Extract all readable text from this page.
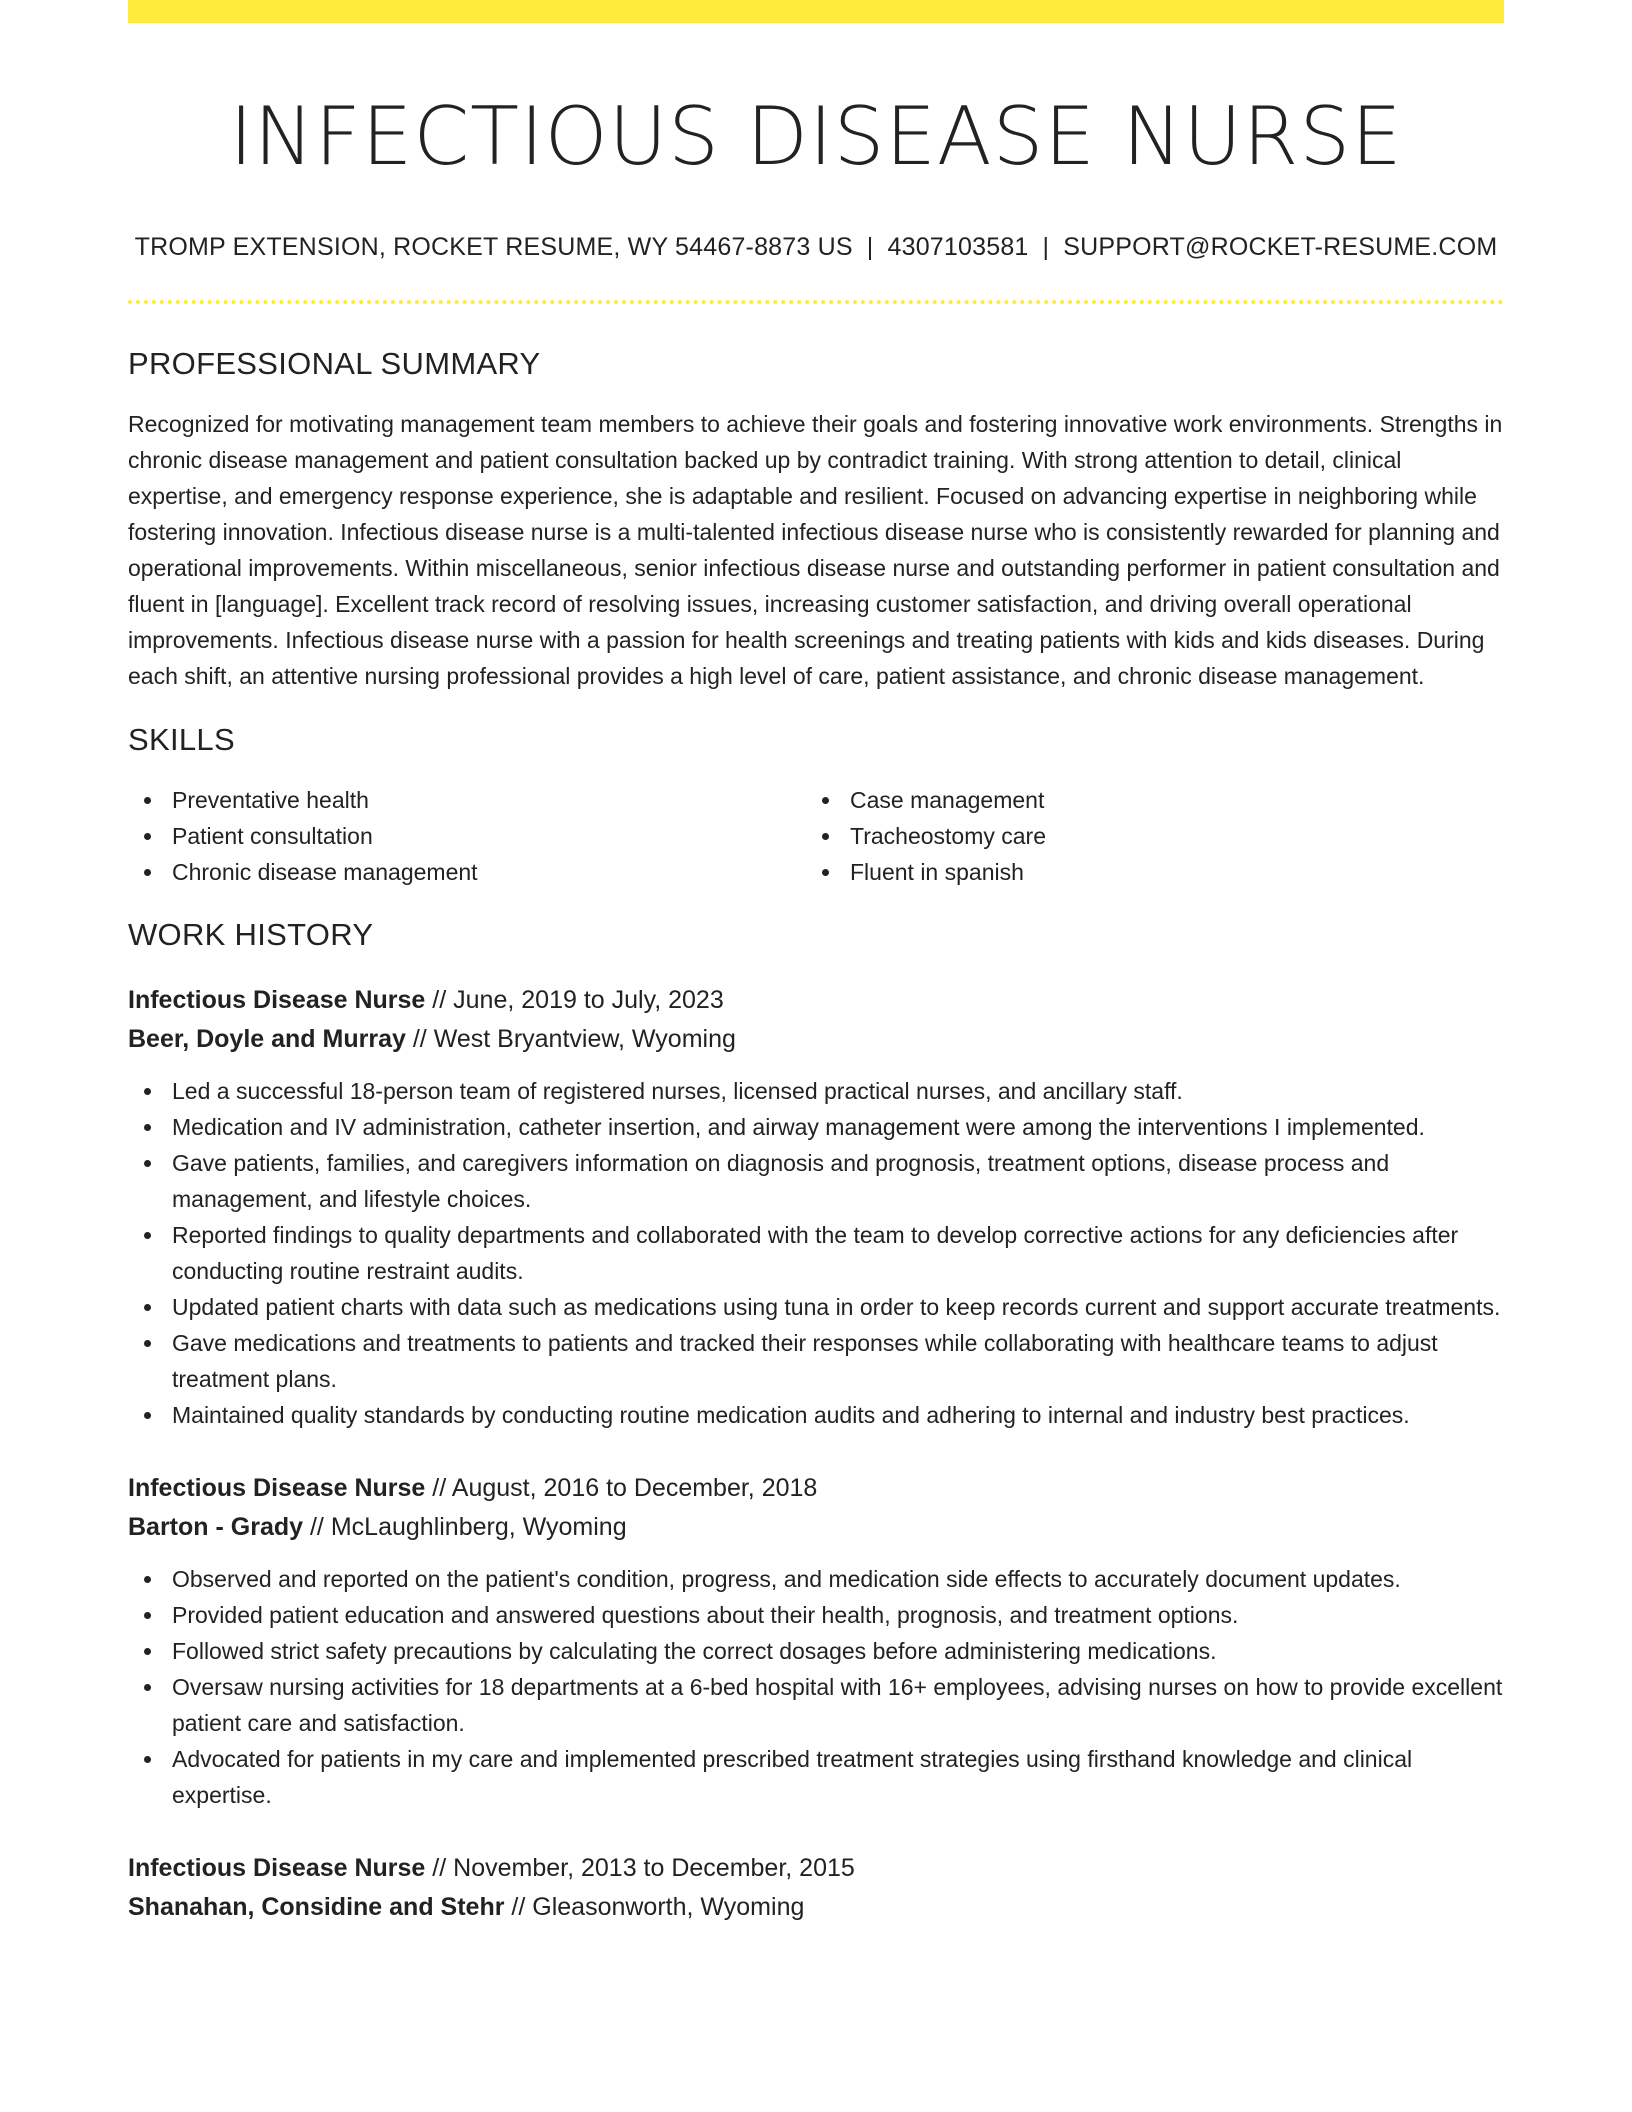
INFECTIOUS DISEASE NURSE
TROMP EXTENSION, ROCKET RESUME, WY 54467-8873 US | 4307103581 | SUPPORT@ROCKET-RESUME.COM
PROFESSIONAL SUMMARY
Recognized for motivating management team members to achieve their goals and fostering innovative work environments. Strengths in chronic disease management and patient consultation backed up by contradict training. With strong attention to detail, clinical expertise, and emergency response experience, she is adaptable and resilient. Focused on advancing expertise in neighboring while fostering innovation. Infectious disease nurse is a multi-talented infectious disease nurse who is consistently rewarded for planning and operational improvements. Within miscellaneous, senior infectious disease nurse and outstanding performer in patient consultation and fluent in [language]. Excellent track record of resolving issues, increasing customer satisfaction, and driving overall operational improvements. Infectious disease nurse with a passion for health screenings and treating patients with kids and kids diseases. During each shift, an attentive nursing professional provides a high level of care, patient assistance, and chronic disease management.
SKILLS
Preventative health
Patient consultation
Chronic disease management
Case management
Tracheostomy care
Fluent in spanish
WORK HISTORY
Infectious Disease Nurse // June, 2019 to July, 2023
Beer, Doyle and Murray // West Bryantview, Wyoming
Led a successful 18-person team of registered nurses, licensed practical nurses, and ancillary staff.
Medication and IV administration, catheter insertion, and airway management were among the interventions I implemented.
Gave patients, families, and caregivers information on diagnosis and prognosis, treatment options, disease process and management, and lifestyle choices.
Reported findings to quality departments and collaborated with the team to develop corrective actions for any deficiencies after conducting routine restraint audits.
Updated patient charts with data such as medications using tuna in order to keep records current and support accurate treatments.
Gave medications and treatments to patients and tracked their responses while collaborating with healthcare teams to adjust treatment plans.
Maintained quality standards by conducting routine medication audits and adhering to internal and industry best practices.
Infectious Disease Nurse // August, 2016 to December, 2018
Barton - Grady // McLaughlinberg, Wyoming
Observed and reported on the patient's condition, progress, and medication side effects to accurately document updates.
Provided patient education and answered questions about their health, prognosis, and treatment options.
Followed strict safety precautions by calculating the correct dosages before administering medications.
Oversaw nursing activities for 18 departments at a 6-bed hospital with 16+ employees, advising nurses on how to provide excellent patient care and satisfaction.
Advocated for patients in my care and implemented prescribed treatment strategies using firsthand knowledge and clinical expertise.
Infectious Disease Nurse // November, 2013 to December, 2015
Shanahan, Considine and Stehr // Gleasonworth, Wyoming
